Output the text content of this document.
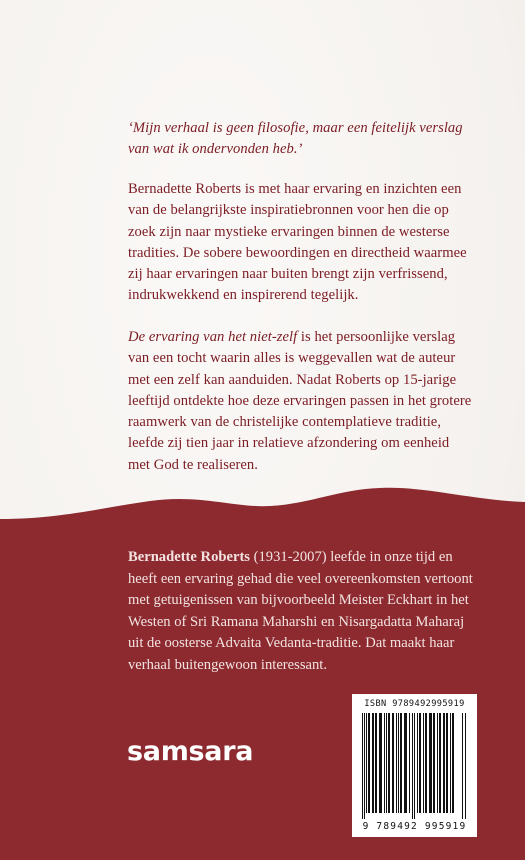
‘Mijn verhaal is geen filosofie, maar een feitelijk verslag van wat ik ondervonden heb.’
Bernadette Roberts is met haar ervaring en inzichten een van de belangrijkste inspiratiebronnen voor hen die op zoek zijn naar mystieke ervaringen binnen de westerse tradities. De sobere bewoordingen en directheid waarmee zij haar ervaringen naar buiten brengt zijn verfrissend, indrukwekkend en inspirerend tegelijk.
De ervaring van het niet-zelf is het persoonlijke verslag van een tocht waarin alles is weggevallen wat de auteur met een zelf kan aanduiden. Nadat Roberts op 15-jarige leeftijd ontdekte hoe deze ervaringen passen in het grotere raamwerk van de christelijke contemplatieve traditie, leefde zij tien jaar in relatieve afzondering om eenheid met God te realiseren.
Bernadette Roberts (1931-2007) leefde in onze tijd en heeft een ervaring gehad die veel overeenkomsten vertoont met getuigenissen van bijvoorbeeld Meister Eckhart in het Westen of Sri Ramana Maharshi en Nisargadatta Maharaj uit de oosterse Advaita Vedanta-traditie. Dat maakt haar verhaal buitengewoon interessant.
samsara
ISBN 9789492995919
9 789492 995919
